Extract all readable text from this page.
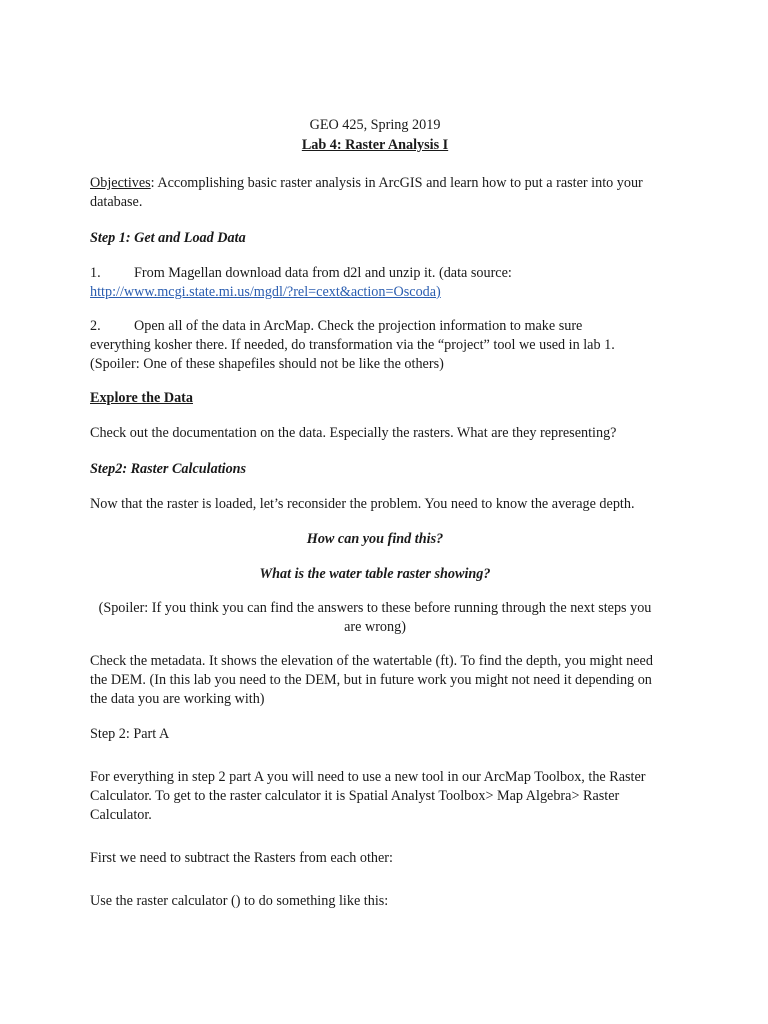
GEO 425, Spring 2019

Lab 4: Raster Analysis I

Objectives: Accomplishing basic raster analysis in ArcGIS and learn how to put a raster into your database.

Step 1: Get and Load Data

1.	From Magellan download data from d2l and unzip it. (data source:
http://www.mcgi.state.mi.us/mgdl/?rel=cext&action=Oscoda)
2.	Open all of the data in ArcMap. Check the projection information to make sure

everything kosher there. If needed, do transformation via the “project” tool we used in lab 1. (Spoiler: One of these shapefiles should not be like the others)

Explore the Data

Check out the documentation on the data. Especially the rasters. What are they representing?

Step2: Raster Calculations

Now that the raster is loaded, let’s reconsider the problem. You need to know the average depth.

How can you find this?

What is the water table raster showing?

(Spoiler: If you think you can find the answers to these before running through the next steps you are wrong)

Check the metadata. It shows the elevation of the watertable (ft). To find the depth, you might need the DEM. (In this lab you need to the DEM, but in future work you might not need it depending on the data you are working with)

Step 2: Part A

For everything in step 2 part A you will need to use a new tool in our ArcMap Toolbox, the Raster Calculator. To get to the raster calculator it is Spatial Analyst Toolbox> Map Algebra> Raster Calculator.

First we need to subtract the Rasters from each other:

Use the raster calculator () to do something like this:
